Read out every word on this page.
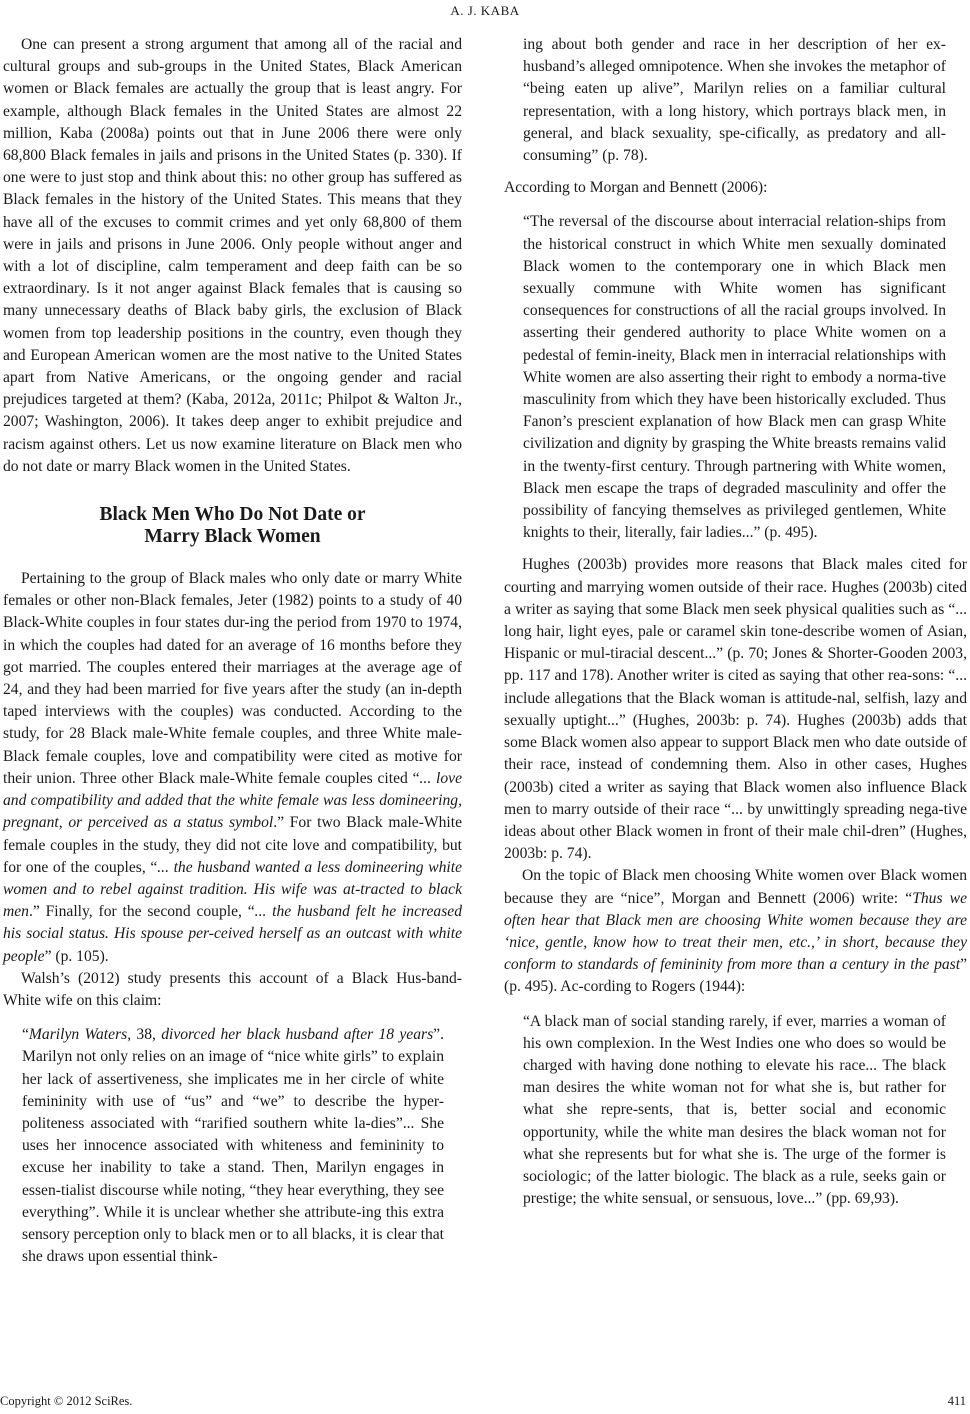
A. J. KABA

One can present a strong argument that among all of the racial and cultural groups and sub-groups in the United States, Black American women or Black females are actually the group that is least angry. For example, although Black females in the United States are almost 22 million, Kaba (2008a) points out that in June 2006 there were only 68,800 Black females in jails and prisons in the United States (p. 330). If one were to just stop and think about this: no other group has suffered as Black females in the history of the United States. This means that they have all of the excuses to commit crimes and yet only 68,800 of them were in jails and prisons in June 2006. Only people without anger and with a lot of discipline, calm temperament and deep faith can be so extraordinary. Is it not anger against Black females that is causing so many unnecessary deaths of Black baby girls, the exclusion of Black women from top leadership positions in the country, even though they and European American women are the most native to the United States apart from Native Americans, or the ongoing gender and racial prejudices targeted at them? (Kaba, 2012a, 2011c; Philpot & Walton Jr., 2007; Washington, 2006). It takes deep anger to exhibit prejudice and racism against others. Let us now examine literature on Black men who do not date or marry Black women in the United States.

Black Men Who Do Not Date or
Marry Black Women

Pertaining to the group of Black males who only date or marry White females or other non-Black females, Jeter (1982) points to a study of 40 Black-White couples in four states dur-ing the period from 1970 to 1974, in which the couples had dated for an average of 16 months before they got married. The couples entered their marriages at the average age of 24, and they had been married for five years after the study (an in-depth taped interviews with the couples) was conducted. According to the study, for 28 Black male-White female couples, and three White male-Black female couples, love and compatibility were cited as motive for their union. Three other Black male-White female couples cited “... love and compatibility and added that the white female was less domineering, pregnant, or perceived as a status symbol.” For two Black male-White female couples in the study, they did not cite love and compatibility, but for one of the couples, “... the husband wanted a less domineering white women and to rebel against tradition. His wife was at-tracted to black men.” Finally, for the second couple, “... the husband felt he increased his social status. His spouse per-ceived herself as an outcast with white people” (p. 105).

Walsh’s (2012) study presents this account of a Black Hus-band-White wife on this claim:

“Marilyn Waters, 38, divorced her black husband after 18 years”. Marilyn not only relies on an image of “nice white girls” to explain her lack of assertiveness, she implicates me in her circle of white femininity with use of “us” and “we” to describe the hyper-politeness associated with “rarified southern white la-dies”... She uses her innocence associated with whiteness and femininity to excuse her inability to take a stand. Then, Marilyn engages in essen-tialist discourse while noting, “they hear everything, they see everything”. While it is unclear whether she attribute-ing this extra sensory perception only to black men or to all blacks, it is clear that she draws upon essential think-
ing about both gender and race in her description of her ex-husband’s alleged omnipotence. When she invokes the metaphor of “being eaten up alive”, Marilyn relies on a familiar cultural representation, with a long history, which portrays black men, in general, and black sexuality, spe-cifically, as predatory and all-consuming” (p. 78).

According to Morgan and Bennett (2006):

“The reversal of the discourse about interracial relation-ships from the historical construct in which White men sexually dominated Black women to the contemporary one in which Black men sexually commune with White women has significant consequences for constructions of all the racial groups involved. In asserting their gendered authority to place White women on a pedestal of femin-ineity, Black men in interracial relationships with White women are also asserting their right to embody a norma-tive masculinity from which they have been historically excluded. Thus Fanon’s prescient explanation of how Black men can grasp White civilization and dignity by grasping the White breasts remains valid in the twenty-first century. Through partnering with White women, Black men escape the traps of degraded masculinity and offer the possibility of fancying themselves as privileged gentlemen, White knights to their, literally, fair ladies...” (p. 495).

Hughes (2003b) provides more reasons that Black males cited for courting and marrying women outside of their race. Hughes (2003b) cited a writer as saying that some Black men seek physical qualities such as “... long hair, light eyes, pale or caramel skin tone-describe women of Asian, Hispanic or mul-tiracial descent...” (p. 70; Jones & Shorter-Gooden 2003, pp. 117 and 178). Another writer is cited as saying that other rea-sons: “... include allegations that the Black woman is attitude-nal, selfish, lazy and sexually uptight...” (Hughes, 2003b: p. 74). Hughes (2003b) adds that some Black women also appear to support Black men who date outside of their race, instead of condemning them. Also in other cases, Hughes (2003b) cited a writer as saying that Black women also influence Black men to marry outside of their race “... by unwittingly spreading nega-tive ideas about other Black women in front of their male chil-dren” (Hughes, 2003b: p. 74).

On the topic of Black men choosing White women over Black women because they are “nice”, Morgan and Bennett (2006) write: “Thus we often hear that Black men are choosing White women because they are ‘nice, gentle, know how to treat their men, etc.,’ in short, because they conform to standards of femininity from more than a century in the past” (p. 495). Ac-cording to Rogers (1944):

“A black man of social standing rarely, if ever, marries a woman of his own complexion. In the West Indies one who does so would be charged with having done nothing to elevate his race... The black man desires the white woman not for what she is, but rather for what she repre-sents, that is, better social and economic opportunity, while the white man desires the black woman not for what she represents but for what she is. The urge of the former is sociologic; of the latter biologic. The black as a rule, seeks gain or prestige; the white sensual, or sensuous, love...” (pp. 69,93).
Copyright © 2012 SciRes.	411
